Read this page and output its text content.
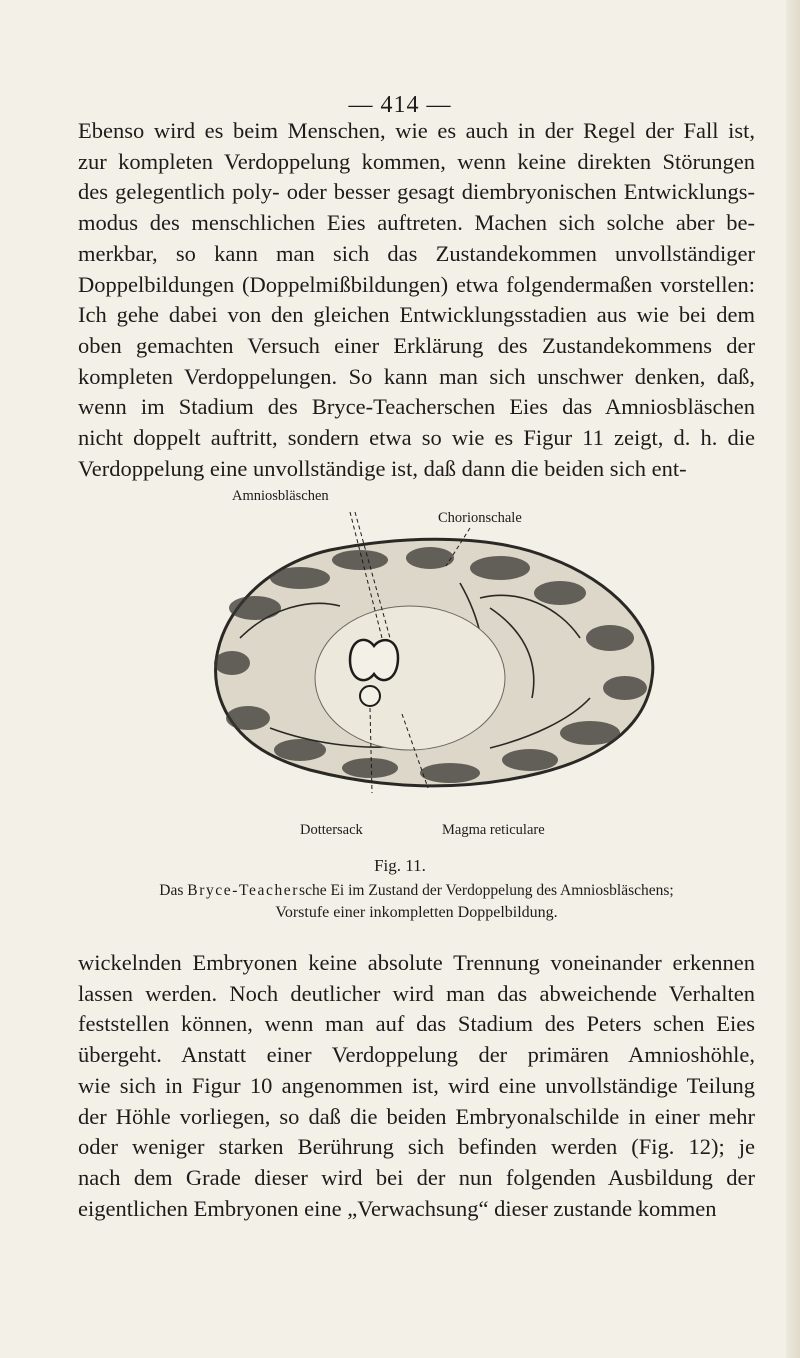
— 414 —

Ebenso wird es beim Menschen, wie es auch in der Regel der Fall ist,
zur kompleten Verdoppelung kommen, wenn keine direkten Störungen
des gelegentlich poly- oder besser gesagt diembryonischen Entwicklungs-
modus des menschlichen Eies auftreten. Machen sich solche aber be-
merkbar, so kann man sich das Zustandekommen unvollständiger
Doppelbildungen (Doppelmißbildungen) etwa folgendermaßen vorstellen:
Ich gehe dabei von den gleichen Entwicklungsstadien aus wie bei dem
oben gemachten Versuch einer Erklärung des Zustandekommens der
kompleten Verdoppelungen. So kann man sich unschwer denken, daß,
wenn im Stadium des Bryce-Teacherschen Eies das Amniosbläschen
nicht doppelt auftritt, sondern etwa so wie es Figur 11 zeigt, d. h. die
Verdoppelung eine unvollständige ist, daß dann die beiden sich ent-

Amniosbläschen
Chorionschale
Dottersack	Magma reticulare
Fig. 11.
Das Bryce-Teachersche Ei im Zustand der Verdoppelung des Amniosbläschens;
Vorstufe einer inkompletten Doppelbildung.

wickelnden Embryonen keine absolute Trennung voneinander erkennen
lassen werden. Noch deutlicher wird man das abweichende Verhalten
feststellen können, wenn man auf das Stadium des Peters schen Eies
übergeht. Anstatt einer Verdoppelung der primären Amnioshöhle,
wie sich in Figur 10 angenommen ist, wird eine unvollständige Teilung
der Höhle vorliegen, so daß die beiden Embryonalschilde in einer mehr
oder weniger starken Berührung sich befinden werden (Fig. 12); je
nach dem Grade dieser wird bei der nun folgenden Ausbildung der
eigentlichen Embryonen eine „Verwachsung“ dieser zustande kommen
